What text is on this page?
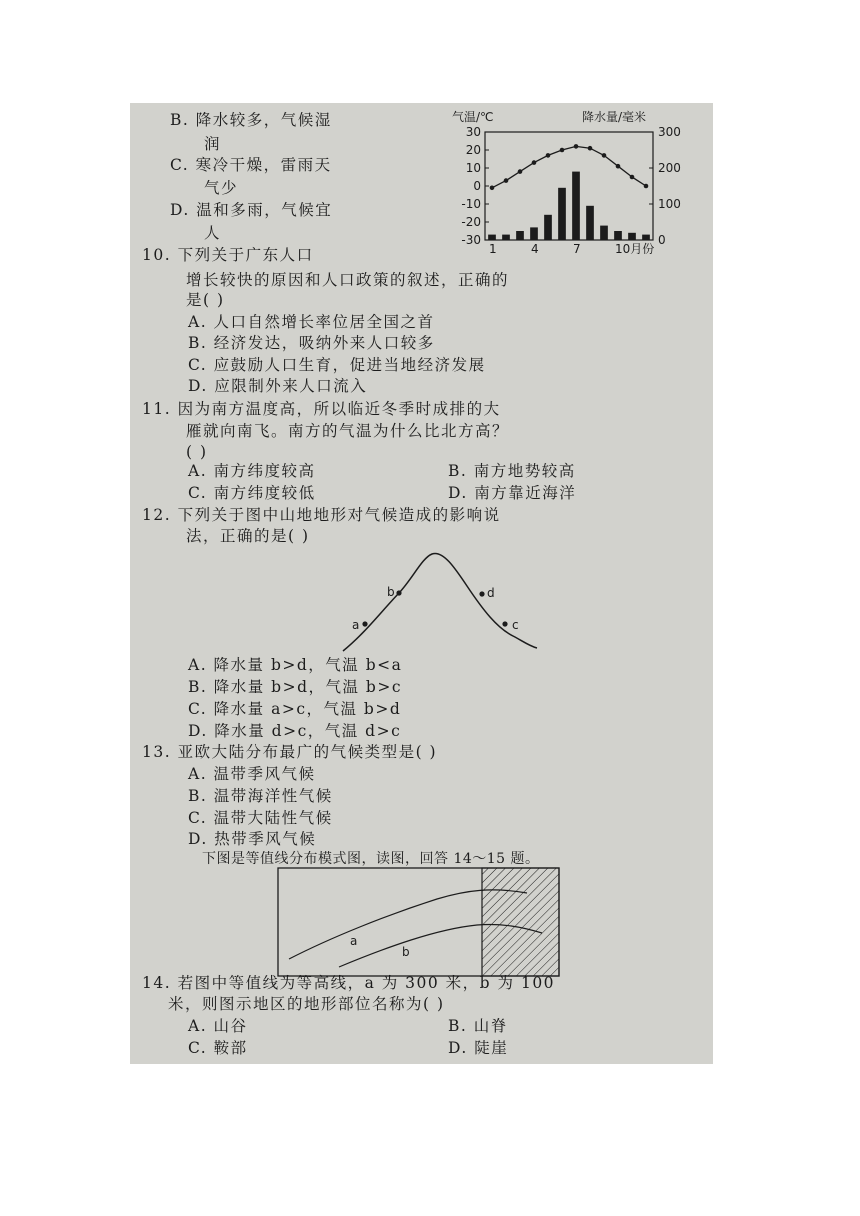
B. 降水较多，气候湿
润
C. 寒冷干燥，雷雨天
气少
D. 温和多雨，气候宜
人
气温/℃	降水量/毫米
30
20
10
0
-10
-20
-30
300
200
100
0
1	4	7	10月份
10. 下列关于广东人口
增长较快的原因和人口政策的叙述，正确的
是( )
A. 人口自然增长率位居全国之首
B. 经济发达，吸纳外来人口较多
C. 应鼓励人口生育，促进当地经济发展
D. 应限制外来人口流入
11. 因为南方温度高，所以临近冬季时成排的大
雁就向南飞。南方的气温为什么比北方高？
( )
A. 南方纬度较高	B. 南方地势较高
C. 南方纬度较低	D. 南方靠近海洋
12. 下列关于图中山地地形对气候造成的影响说
法，正确的是( )
a
b
c
d
A. 降水量 b>d，气温 b<a
B. 降水量 b>d，气温 b>c
C. 降水量 a>c，气温 b>d
D. 降水量 d>c，气温 d>c
13. 亚欧大陆分布最广的气候类型是( )
A. 温带季风气候
B. 温带海洋性气候
C. 温带大陆性气候
D. 热带季风气候
下图是等值线分布模式图，读图，回答 14～15 题。
a
b
14. 若图中等值线为等高线，a 为 300 米，b 为 100
米，则图示地区的地形部位名称为( )
A. 山谷	B. 山脊
C. 鞍部	D. 陡崖
